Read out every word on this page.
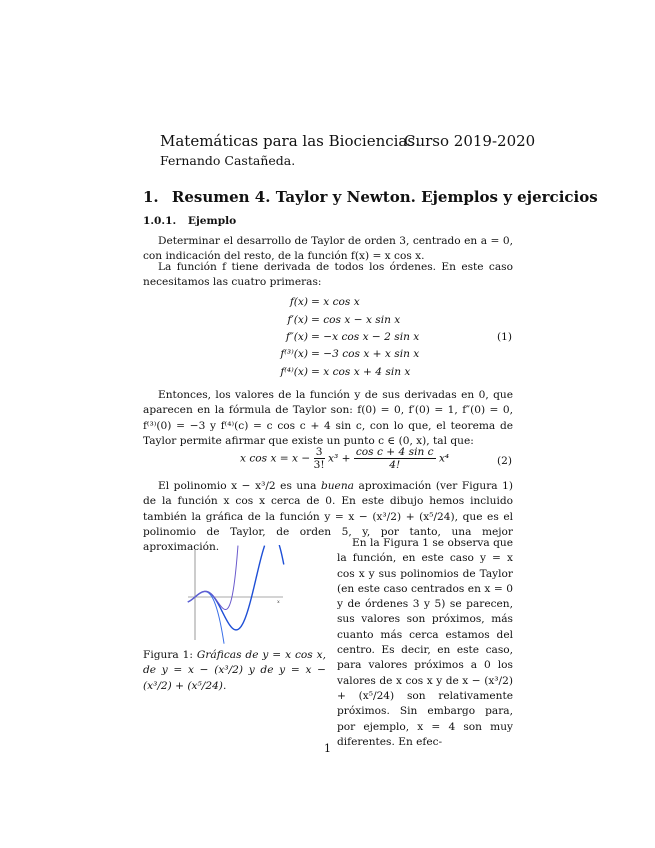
Matemáticas para las Biociencias.
Curso 2019-2020
Fernando Castañeda.
1. Resumen 4. Taylor y Newton. Ejemplos y ejercicios
1.0.1. Ejemplo
Determinar el desarrollo de Taylor de orden 3, centrado en a = 0, con indicación del resto, de la función f(x) = x cos x.
La función f tiene derivada de todos los órdenes. En este caso necesitamos las cuatro primeras:
f(x) = x cos x
f′(x) = cos x − x sin x
f″(x) = −x cos x − 2 sin x
f⁽³⁾(x) = −3 cos x + x sin x
f⁽⁴⁾(x) = x cos x + 4 sin x
(1)
Entonces, los valores de la función y de sus derivadas en 0, que aparecen en la fórmula de Taylor son: f(0) = 0, f′(0) = 1, f″(0) = 0, f⁽³⁾(0) = −3 y f⁽⁴⁾(c) = c cos c + 4 sin c, con lo que, el teorema de Taylor permite afirmar que existe un punto c ∈ (0, x), tal que:
x $\cos x = x - \frac{3}{3!} x^3 + \frac{\text{cos c + 4 sin c}}{4!} x^4$	(2)
El polinomio x − x³/2 es una buena aproximación (ver Figura 1) de la función x cos x cerca de 0. En este dibujo hemos incluido también la gráfica de la función y = x − (x³/2) + (x⁵/24), que es el polinomio de Taylor, de orden 5, y, por tanto, una mejor aproximación.
x
Figura 1: Gráficas de y = x cos x, de y = x − (x³/2) y de y = x − (x³/2) + (x⁵/24).
En la Figura 1 se observa que la función, en este caso y = x cos x y sus polinomios de Taylor (en este caso centrados en x = 0 y de órdenes 3 y 5) se parecen, sus valores son próximos, más cuanto más cerca estamos del centro. Es decir, en este caso, para valores próximos a 0 los valores de x cos x y de x − (x³/2) + (x⁵/24) son relativamente próximos. Sin embargo para, por ejemplo, x = 4 son muy diferentes. En efec-
1
